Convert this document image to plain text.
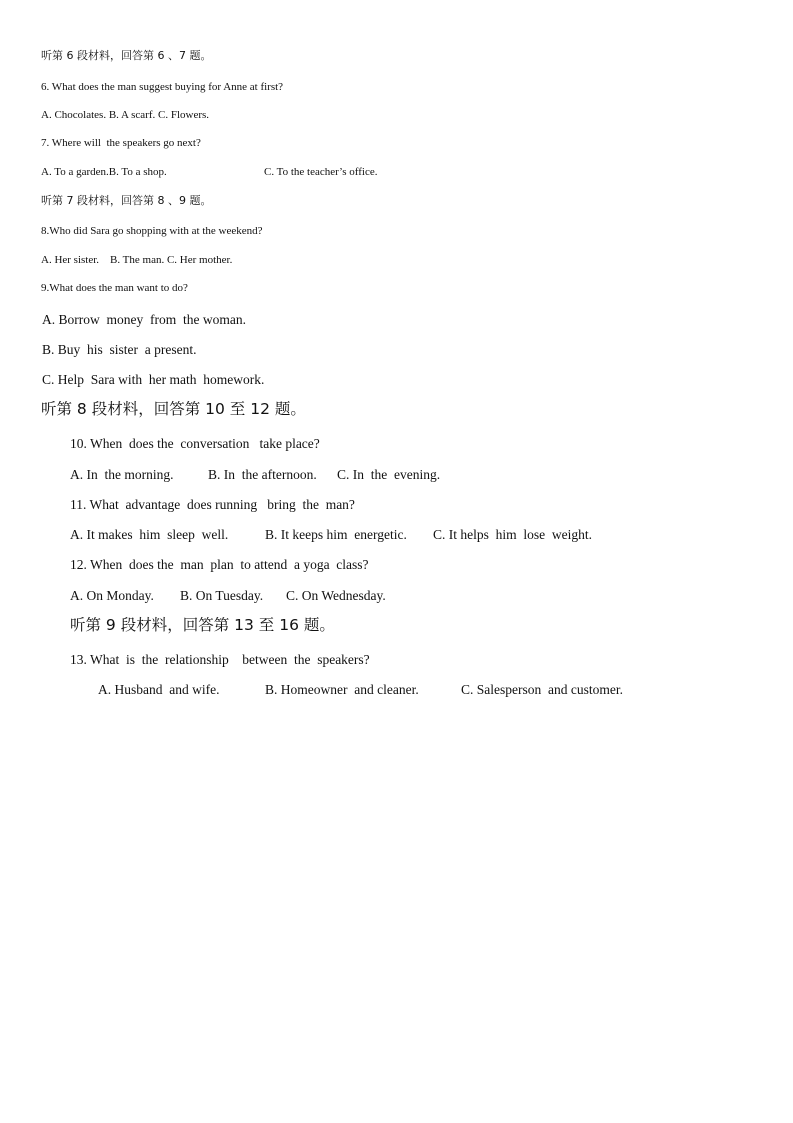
听第 6 段材料，回答第 6 、7 题。
6. What does the man suggest buying for Anne at first?
A. Chocolates. B. A scarf. C. Flowers.
7. Where will  the speakers go next?
A. To a garden.B. To a shop.	C. To the teacher’s office.
听第 7 段材料，回答第 8 、9 题。
8.Who did Sara go shopping with at the weekend?
A. Her sister.    B. The man. C. Her mother.
9.What does the man want to do?
A. Borrow  money  from  the woman.
B. Buy  his  sister  a present.
C. Help  Sara with  her math  homework.
听第 8 段材料，回答第 10 至 12 题。
10. When  does the  conversation   take place?
A. In  the morning.	B. In  the afternoon. C. In  the  evening.
11. What  advantage  does running   bring  the  man?
A. It makes  him  sleep  well.	B. It keeps him  energetic. C. It helps  him  lose  weight.
12. When  does the  man  plan  to attend  a yoga  class?
A. On Monday. B. On Tuesday. C. On Wednesday.
听第 9 段材料，回答第 13 至 16 题。
13. What  is  the  relationship    between  the  speakers?
A. Husband  and wife.	B. Homeowner  and cleaner.	C. Salesperson  and customer.
